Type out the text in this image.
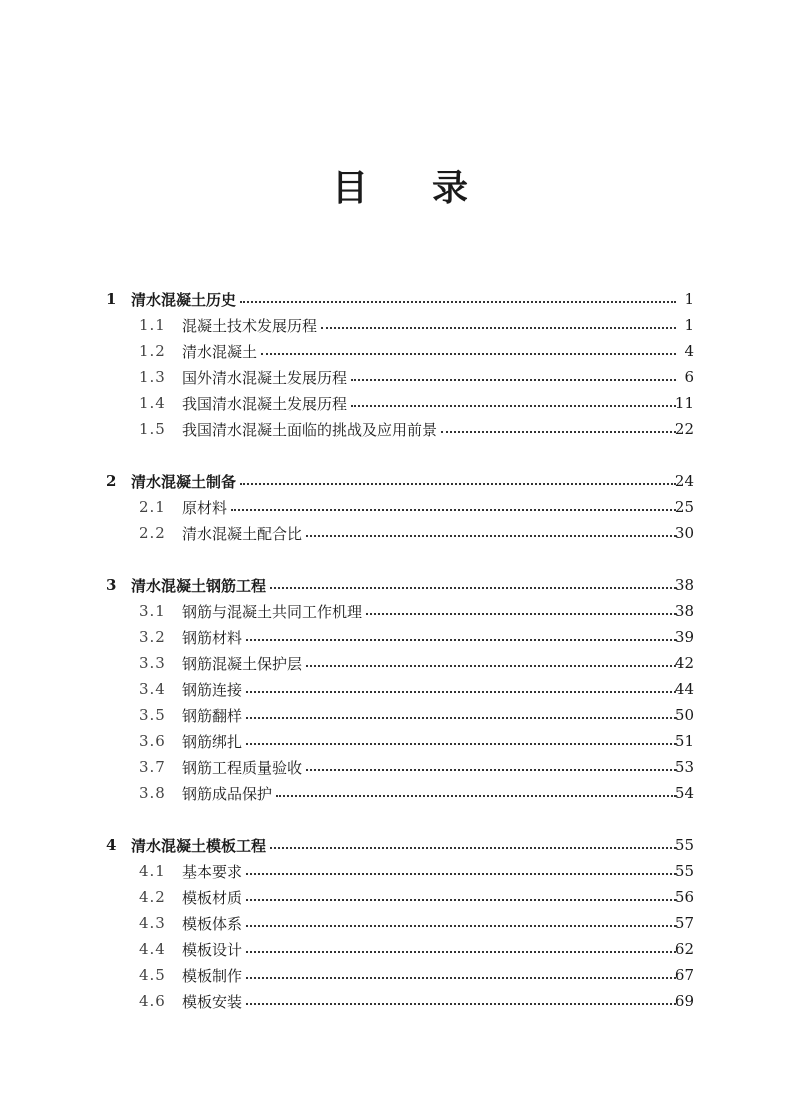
目 录
1 清水混凝土历史	1
1.1 混凝土技术发展历程	1
1.2 清水混凝土	4
1.3 国外清水混凝土发展历程	6
1.4 我国清水混凝土发展历程	11
1.5 我国清水混凝土面临的挑战及应用前景	22
2 清水混凝土制备	24
2.1 原材料	25
2.2 清水混凝土配合比	30
3 清水混凝土钢筋工程	38
3.1 钢筋与混凝土共同工作机理	38
3.2 钢筋材料	39
3.3 钢筋混凝土保护层	42
3.4 钢筋连接	44
3.5 钢筋翻样	50
3.6 钢筋绑扎	51
3.7 钢筋工程质量验收	53
3.8 钢筋成品保护	54
4 清水混凝土模板工程	55
4.1 基本要求	55
4.2 模板材质	56
4.3 模板体系	57
4.4 模板设计	62
4.5 模板制作	67
4.6 模板安装	69
